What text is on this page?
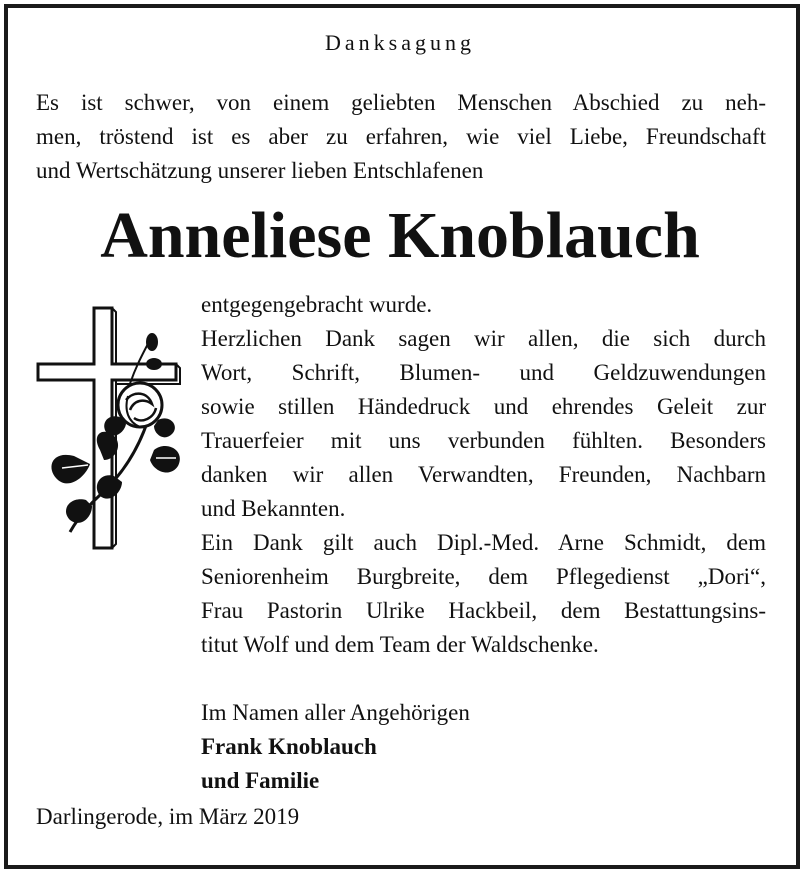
Danksagung
Es ist schwer, von einem geliebten Menschen Abschied zu neh-
men, tröstend ist es aber zu erfahren, wie viel Liebe, Freundschaft
und Wertschätzung unserer lieben Entschlafenen
Anneliese Knoblauch
entgegengebracht wurde.
Herzlichen Dank sagen wir allen, die sich durch
Wort, Schrift, Blumen- und Geldzuwendungen
sowie stillen Händedruck und ehrendes Geleit zur
Trauerfeier mit uns verbunden fühlten. Besonders
danken wir allen Verwandten, Freunden, Nachbarn
und Bekannten.
Ein Dank gilt auch Dipl.-Med. Arne Schmidt, dem
Seniorenheim Burgbreite, dem Pflegedienst „Dori“,
Frau Pastorin Ulrike Hackbeil, dem Bestattungsins-
titut Wolf und dem Team der Waldschenke.
Im Namen aller Angehörigen
Frank Knoblauch
und Familie
Darlingerode, im März 2019
